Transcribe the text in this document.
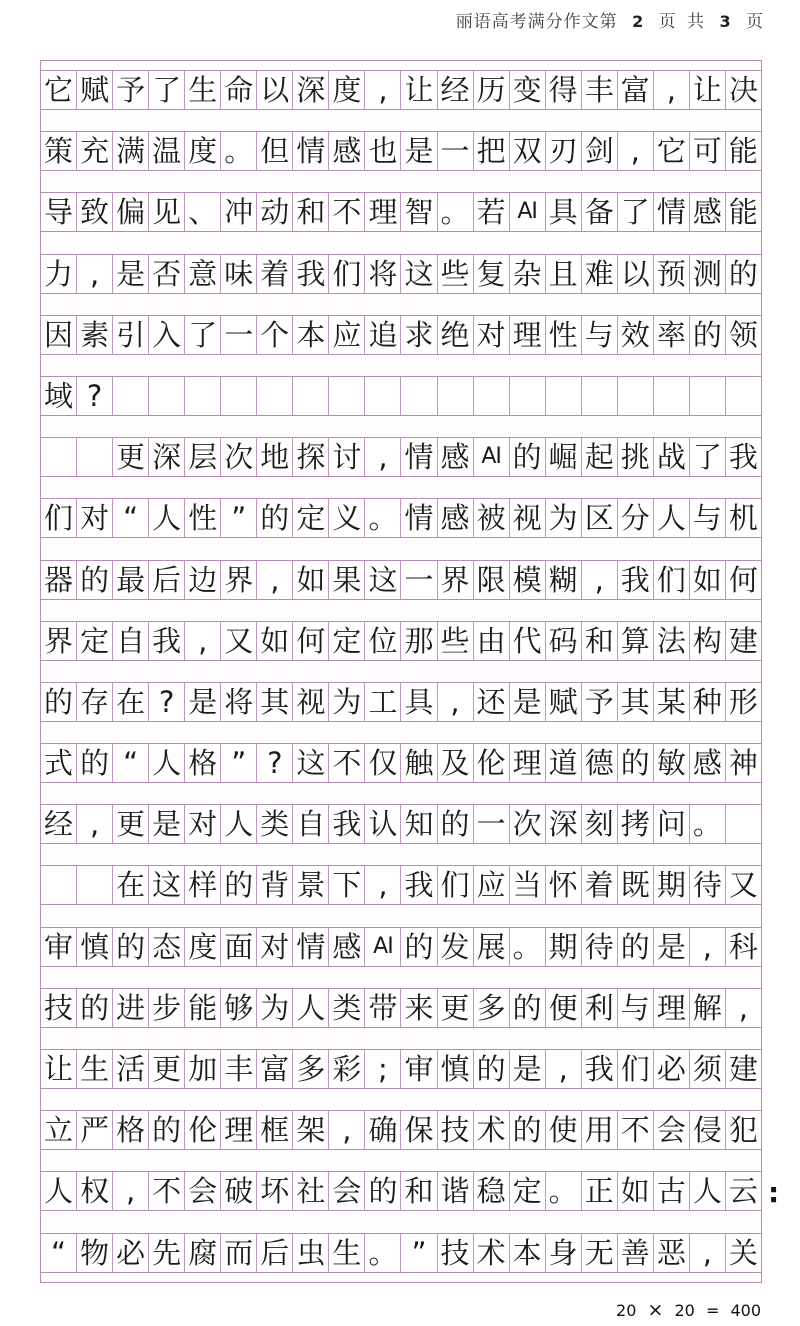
丽语高考满分作文第 2 页 共 3 页
它 赋 予 了 生 命 以 深 度 , 让 经 历 变 得 丰 富 , 让 决
策 充 满 温 度 。 但 情 感 也 是 一 把 双 刃 剑 , 它 可 能
导 致 偏 见 、 冲 动 和 不 理 智 。 若 AI 具 备 了 情 感 能
力 , 是 否 意 味 着 我 们 将 这 些 复 杂 且 难 以 预 测 的
因 素 引 入 了 一 个 本 应 追 求 绝 对 理 性 与 效 率 的 领
域 ?
更 深 层 次 地 探 讨 , 情 感 AI 的 崛 起 挑 战 了 我
们 对 “ 人 性 ” 的 定 义 。 情 感 被 视 为 区 分 人 与 机
器 的 最 后 边 界 , 如 果 这 一 界 限 模 糊 , 我 们 如 何
界 定 自 我 , 又 如 何 定 位 那 些 由 代 码 和 算 法 构 建
的 存 在 ? 是 将 其 视 为 工 具 , 还 是 赋 予 其 某 种 形
式 的 “ 人 格 ” ? 这 不 仅 触 及 伦 理 道 德 的 敏 感 神
经 , 更 是 对 人 类 自 我 认 知 的 一 次 深 刻 拷 问 。
在 这 样 的 背 景 下 , 我 们 应 当 怀 着 既 期 待 又
审 慎 的 态 度 面 对 情 感 AI 的 发 展 。 期 待 的 是 , 科
技 的 进 步 能 够 为 人 类 带 来 更 多 的 便 利 与 理 解 ,
让 生 活 更 加 丰 富 多 彩 ; 审 慎 的 是 , 我 们 必 须 建
立 严 格 的 伦 理 框 架 , 确 保 技 术 的 使 用 不 会 侵 犯
人 权 , 不 会 破 坏 社 会 的 和 谐 稳 定 。 正 如 古 人 云
“ 物 必 先 腐 而 后 虫 生 。 ” 技 术 本 身 无 善 恶 , 关
:
20 × 20 = 400
